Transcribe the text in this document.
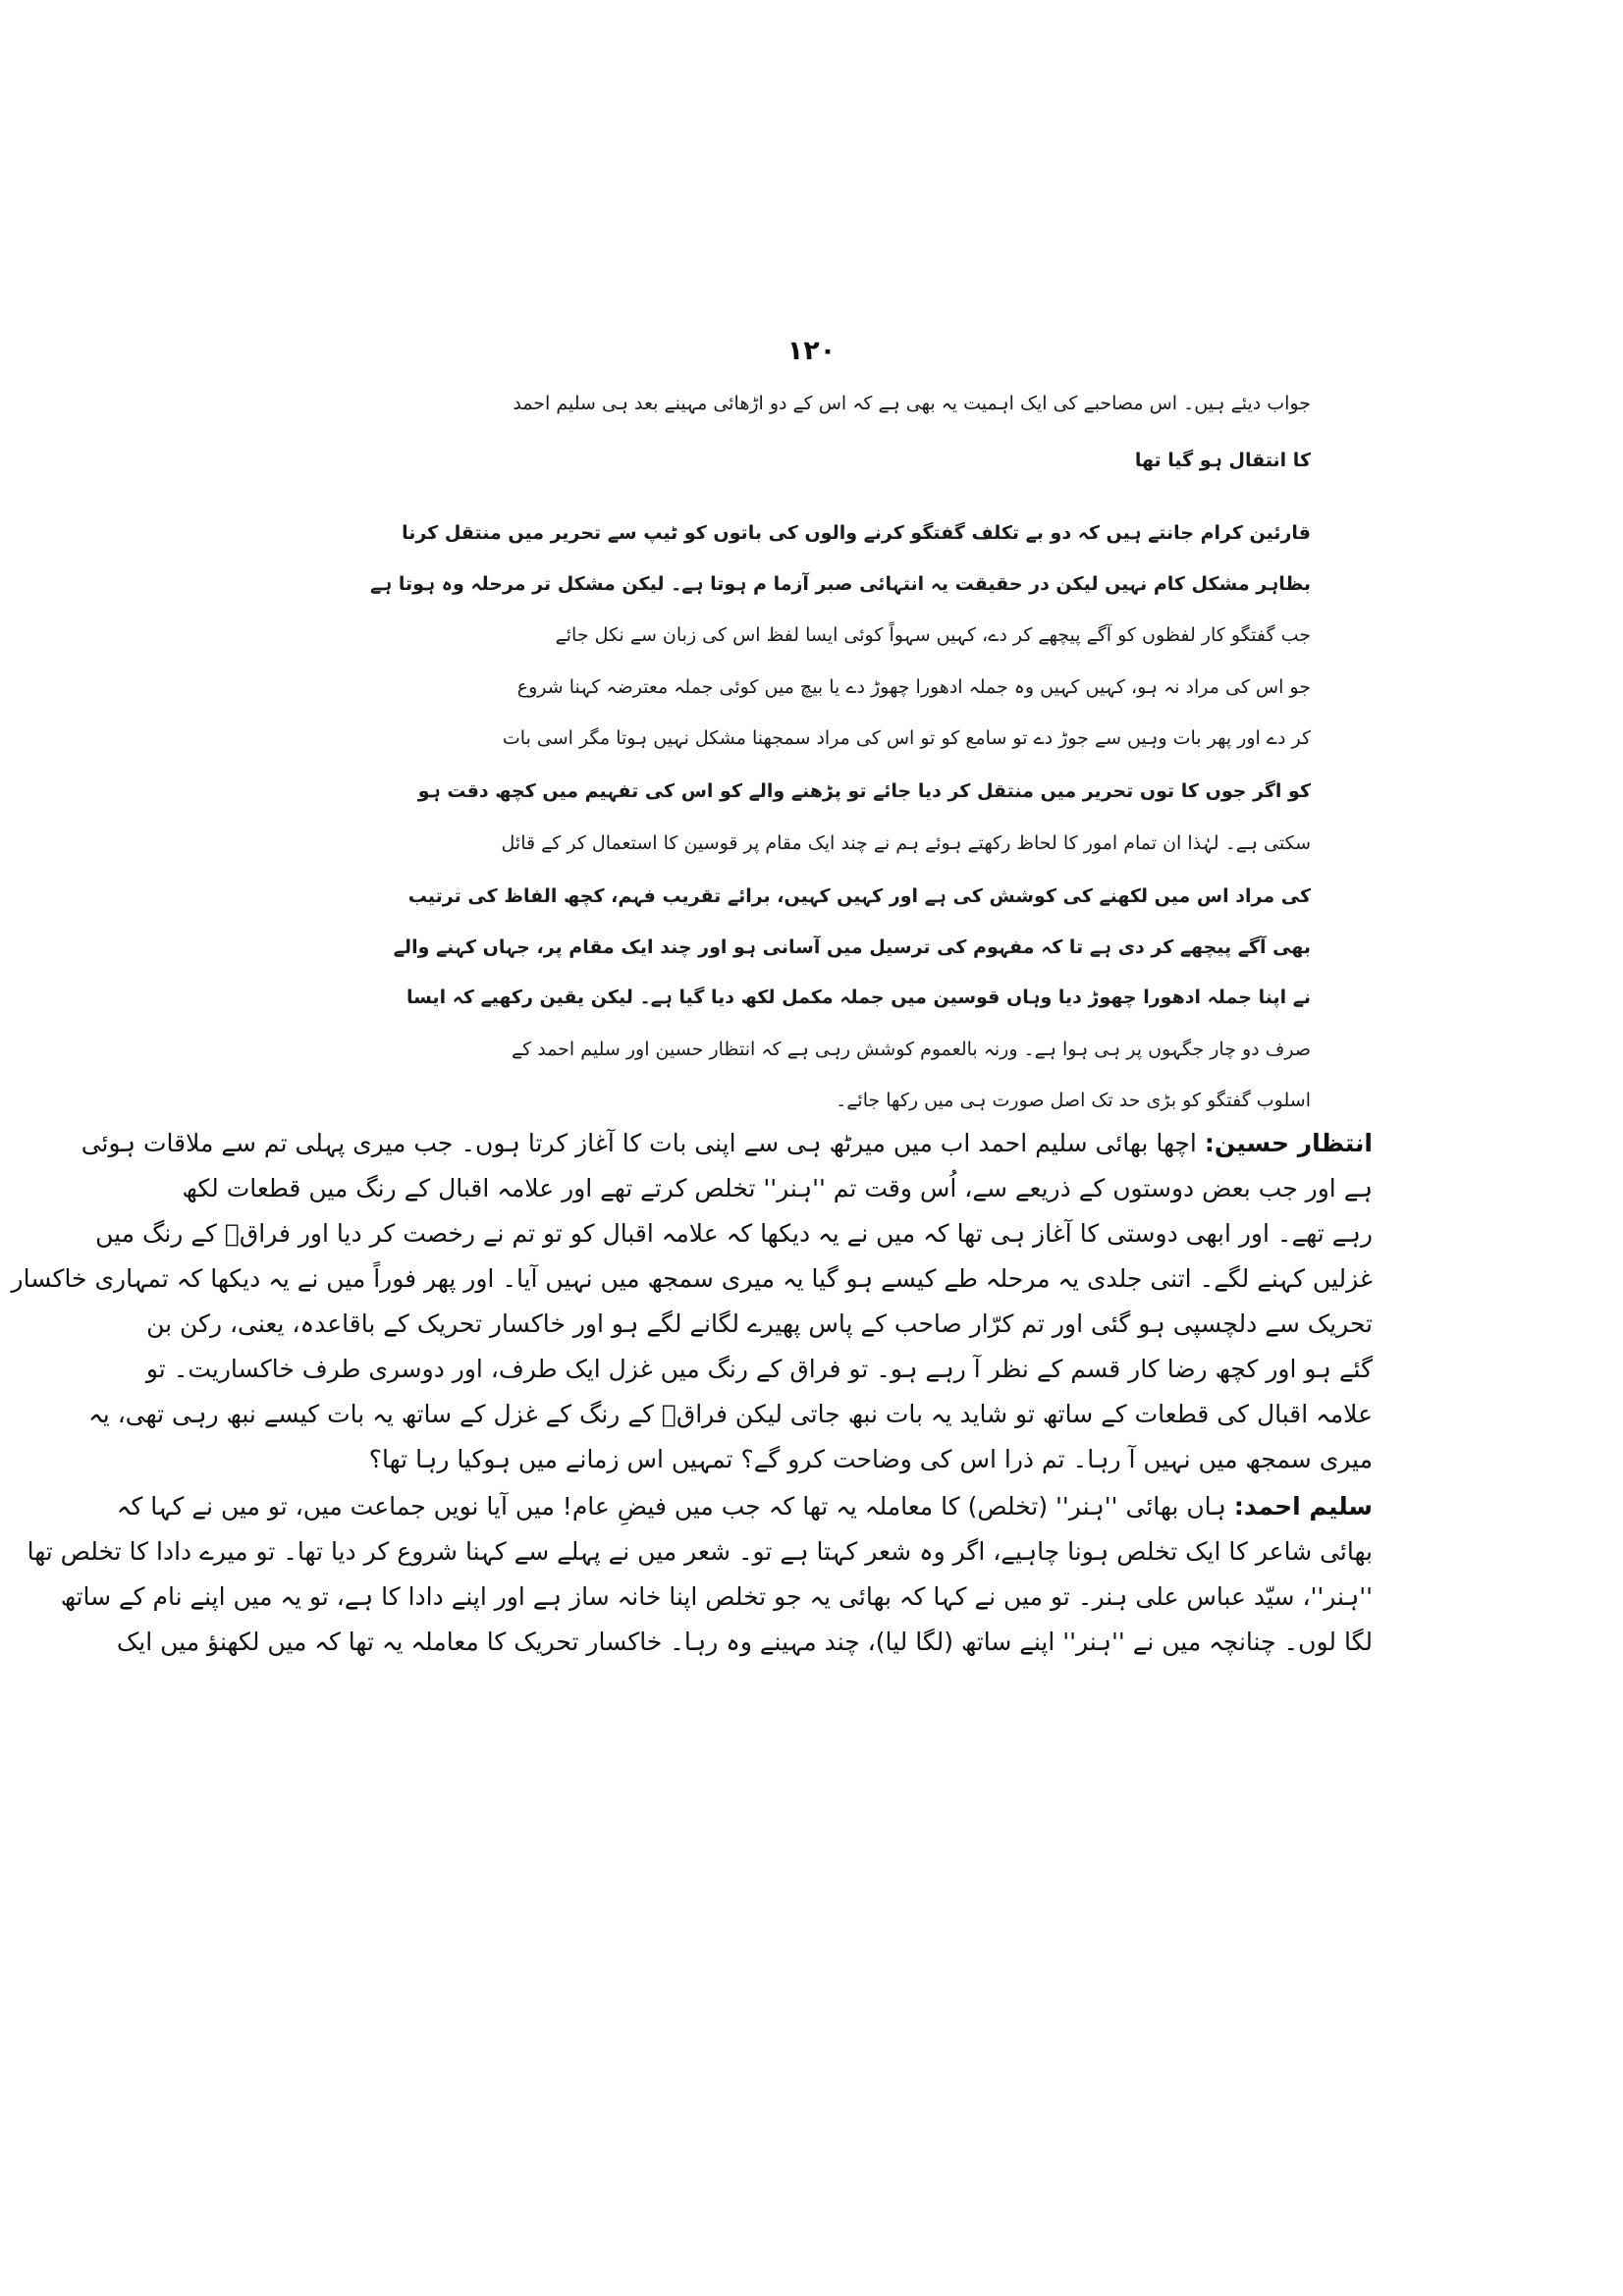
۱۲۰
جواب دیئے ہیں۔ اس مصاحبے کی ایک اہمیت یہ بھی ہے کہ اس کے دو اڑھائی مہینے بعد ہی سلیم احمد
کا انتقال ہو گیا تھا
قارئین کرام جانتے ہیں کہ دو بے تکلف گفتگو کرنے والوں کی باتوں کو ٹیپ سے تحریر میں منتقل کرنا
بظاہر مشکل کام نہیں لیکن در حقیقت یہ انتہائی صبر آزما م ہوتا ہے۔ لیکن مشکل تر مرحلہ وہ ہوتا ہے
جب گفتگو کار لفظوں کو آگے پیچھے کر دے، کہیں سہواً کوئی ایسا لفظ اس کی زبان سے نکل جائے
جو اس کی مراد نہ ہو، کہیں کہیں وہ جملہ ادھورا چھوڑ دے یا بیچ میں کوئی جملہ معترضہ کہنا شروع
کر دے اور پھر بات وہیں سے جوڑ دے تو سامع کو تو اس کی مراد سمجھنا مشکل نہیں ہوتا مگر اسی بات
کو اگر جوں کا توں تحریر میں منتقل کر دیا جائے تو پڑھنے والے کو اس کی تفہیم میں کچھ دقت ہو
سکتی ہے۔ لہٰذا ان تمام امور کا لحاظ رکھتے ہوئے ہم نے چند ایک مقام پر قوسین کا استعمال کر کے قائل
کی مراد اس میں لکھنے کی کوشش کی ہے اور کہیں کہیں، برائے تقریب فہم، کچھ الفاظ کی ترتیب
بھی آگے پیچھے کر دی ہے تا کہ مفہوم کی ترسیل میں آسانی ہو اور چند ایک مقام پر، جہاں کہنے والے
نے اپنا جملہ ادھورا چھوڑ دیا وہاں قوسین میں جملہ مکمل لکھ دیا گیا ہے۔ لیکن یقین رکھیے کہ ایسا
صرف دو چار جگہوں پر ہی ہوا ہے۔ ورنہ بالعموم کوشش رہی ہے کہ انتظار حسین اور سلیم احمد کے
اسلوب گفتگو کو بڑی حد تک اصل صورت ہی میں رکھا جائے۔
انتظار حسین: اچھا بھائی سلیم احمد اب میں میرٹھ ہی سے اپنی بات کا آغاز کرتا ہوں۔ جب میری پہلی تم سے ملاقات ہوئی
ہے اور جب بعض دوستوں کے ذریعے سے، اُس وقت تم ''ہنر'' تخلص کرتے تھے اور علامہ اقبال کے رنگ میں قطعات لکھ
رہے تھے۔ اور ابھی دوستی کا آغاز ہی تھا کہ میں نے یہ دیکھا کہ علامہ اقبال کو تو تم نے رخصت کر دیا اور فراقؔ کے رنگ میں
غزلیں کہنے لگے۔ اتنی جلدی یہ مرحلہ طے کیسے ہو گیا یہ میری سمجھ میں نہیں آیا۔ اور پھر فوراً میں نے یہ دیکھا کہ تمہاری خاکسار
تحریک سے دلچسپی ہو گئی اور تم کرّار صاحب کے پاس پھیرے لگانے لگے ہو اور خاکسار تحریک کے باقاعدہ، یعنی، رکن بن
گئے ہو اور کچھ رضا کار قسم کے نظر آ رہے ہو۔ تو فراق کے رنگ میں غزل ایک طرف، اور دوسری طرف خاکساریت۔ تو
علامہ اقبال کی قطعات کے ساتھ تو شاید یہ بات نبھ جاتی لیکن فراقؔ کے رنگ کے غزل کے ساتھ یہ بات کیسے نبھ رہی تھی، یہ
میری سمجھ میں نہیں آ رہا۔ تم ذرا اس کی وضاحت کرو گے؟ تمہیں اس زمانے میں ہوکیا رہا تھا؟
سلیم احمد: ہاں بھائی ''ہنر'' (تخلص) کا معاملہ یہ تھا کہ جب میں فیضِ عام! میں آیا نویں جماعت میں، تو میں نے کہا کہ
بھائی شاعر کا ایک تخلص ہونا چاہیے، اگر وہ شعر کہتا ہے تو۔ شعر میں نے پہلے سے کہنا شروع کر دیا تھا۔ تو میرے دادا کا تخلص تھا
''ہنر''، سیّد عباس علی ہنر۔ تو میں نے کہا کہ بھائی یہ جو تخلص اپنا خانہ ساز ہے اور اپنے دادا کا ہے، تو یہ میں اپنے نام کے ساتھ
لگا لوں۔ چنانچہ میں نے ''ہنر'' اپنے ساتھ (لگا لیا)، چند مہینے وہ رہا۔ خاکسار تحریک کا معاملہ یہ تھا کہ میں لکھنؤ میں ایک
